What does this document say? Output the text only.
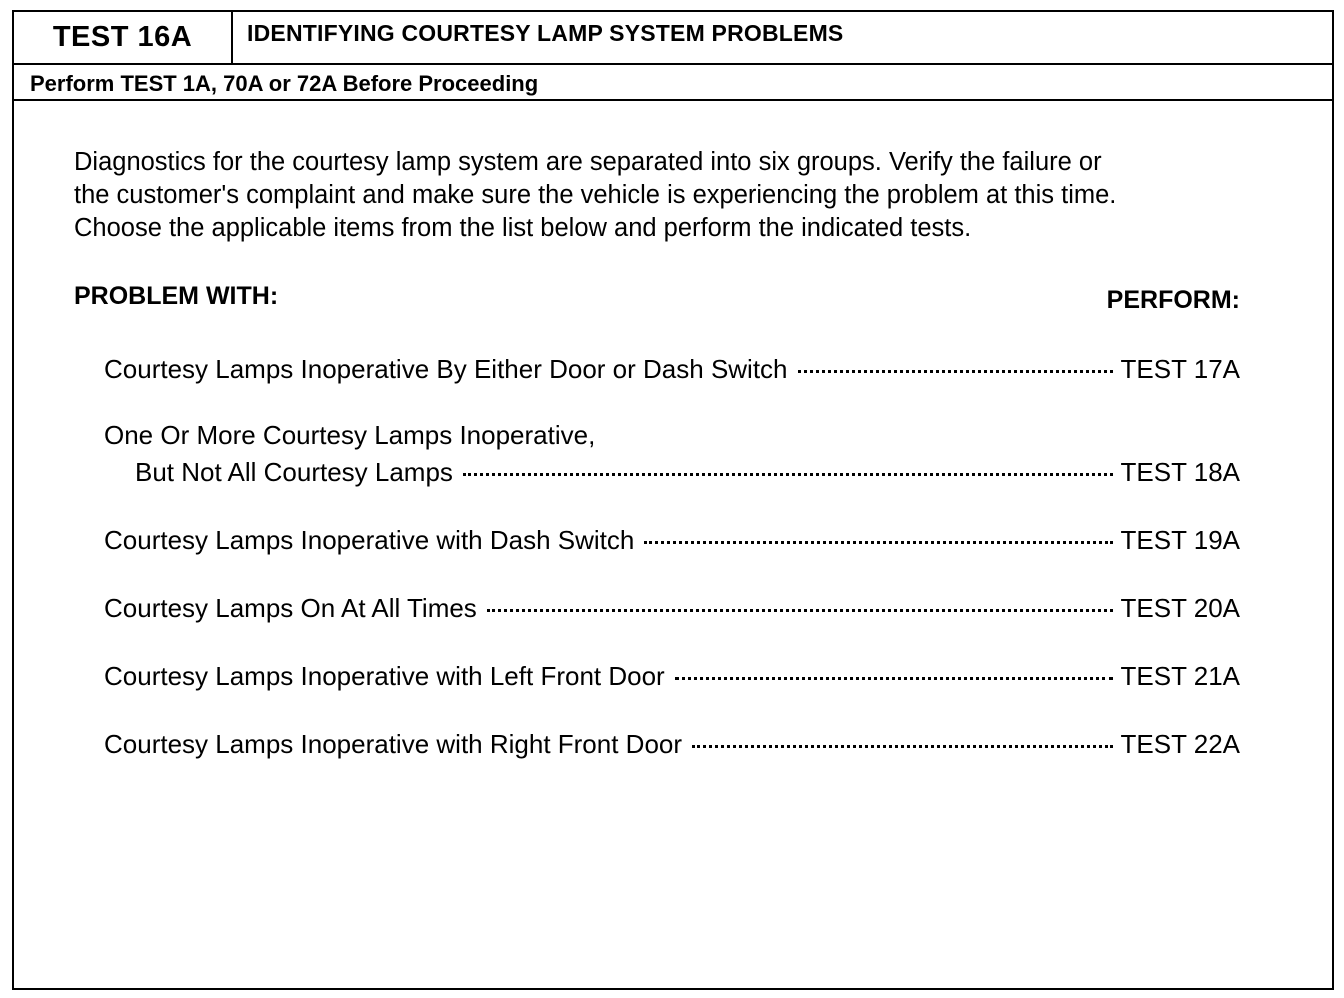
TEST 16A	IDENTIFYING COURTESY LAMP SYSTEM PROBLEMS
Perform TEST 1A, 70A or 72A Before Proceeding

Diagnostics for the courtesy lamp system are separated into six groups. Verify the failure or

the customer's complaint and make sure the vehicle is experiencing the problem at this time.

Choose the applicable items from the list below and perform the indicated tests.

PROBLEM WITH:	PERFORM:
Courtesy Lamps Inoperative By Either Door or Dash Switch	TEST 17A
One Or More Courtesy Lamps Inoperative,
But Not All Courtesy Lamps	TEST 18A
Courtesy Lamps Inoperative with Dash Switch	TEST 19A
Courtesy Lamps On At All Times	TEST 20A
Courtesy Lamps Inoperative with Left Front Door	TEST 21A
Courtesy Lamps Inoperative with Right Front Door	TEST 22A
